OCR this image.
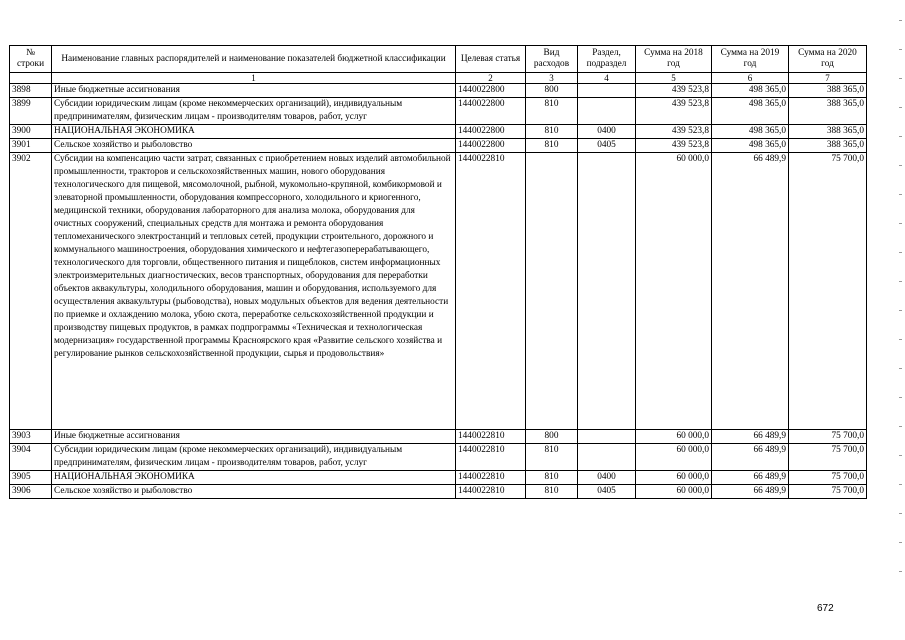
№ строки	Наименование главных распорядителей и наименование показателей бюджетной классификации	Целевая статья	Вид расходов	Раздел, подраздел	Сумма на 2018 год	Сумма на 2019 год	Сумма на 2020 год
	1	2	3	4	5	6	7
3898	Иные бюджетные ассигнования	1440022800	800		439 523,8	498 365,0	388 365,0
3899	Субсидии юридическим лицам (кроме некоммерческих организаций), индивидуальным предпринимателям, физическим лицам - производителям товаров, работ, услуг	1440022800	810		439 523,8	498 365,0	388 365,0
3900	НАЦИОНАЛЬНАЯ ЭКОНОМИКА	1440022800	810	0400	439 523,8	498 365,0	388 365,0
3901	Сельское хозяйство и рыболовство	1440022800	810	0405	439 523,8	498 365,0	388 365,0
3902	Субсидии на компенсацию части затрат, связанных с приобретением новых изделий автомобильной промышленности, тракторов и сельскохозяйственных машин, нового оборудования технологического для пищевой, мясомолочной, рыбной, мукомольно-крупяной, комбикормовой и элеваторной промышленности, оборудования компрессорного, холодильного и криогенного, медицинской техники, оборудования лабораторного для анализа молока, оборудования для очистных сооружений, специальных средств для монтажа и ремонта оборудования тепломеханического электростанций и тепловых сетей, продукции строительного, дорожного и коммунального машиностроения, оборудования химического и нефтегазоперерабатывающего, технологического для торговли, общественного питания и пищеблоков, систем информационных электроизмерительных диагностических, весов транспортных, оборудования для переработки объектов аквакультуры, холодильного оборудования, машин и оборудования, используемого для осуществления аквакультуры (рыбоводства), новых модульных объектов для ведения деятельности по приемке и охлаждению молока, убою скота, переработке сельскохозяйственной продукции и производству пищевых продуктов, в рамках подпрограммы «Техническая и технологическая модернизация» государственной программы Красноярского края «Развитие сельского хозяйства и регулирование рынков сельскохозяйственной продукции, сырья и продовольствия»	1440022810			60 000,0	66 489,9	75 700,0
3903	Иные бюджетные ассигнования	1440022810	800		60 000,0	66 489,9	75 700,0
3904	Субсидии юридическим лицам (кроме некоммерческих организаций), индивидуальным предпринимателям, физическим лицам - производителям товаров, работ, услуг	1440022810	810		60 000,0	66 489,9	75 700,0
3905	НАЦИОНАЛЬНАЯ ЭКОНОМИКА	1440022810	810	0400	60 000,0	66 489,9	75 700,0
3906	Сельское хозяйство и рыболовство	1440022810	810	0405	60 000,0	66 489,9	75 700,0
672
